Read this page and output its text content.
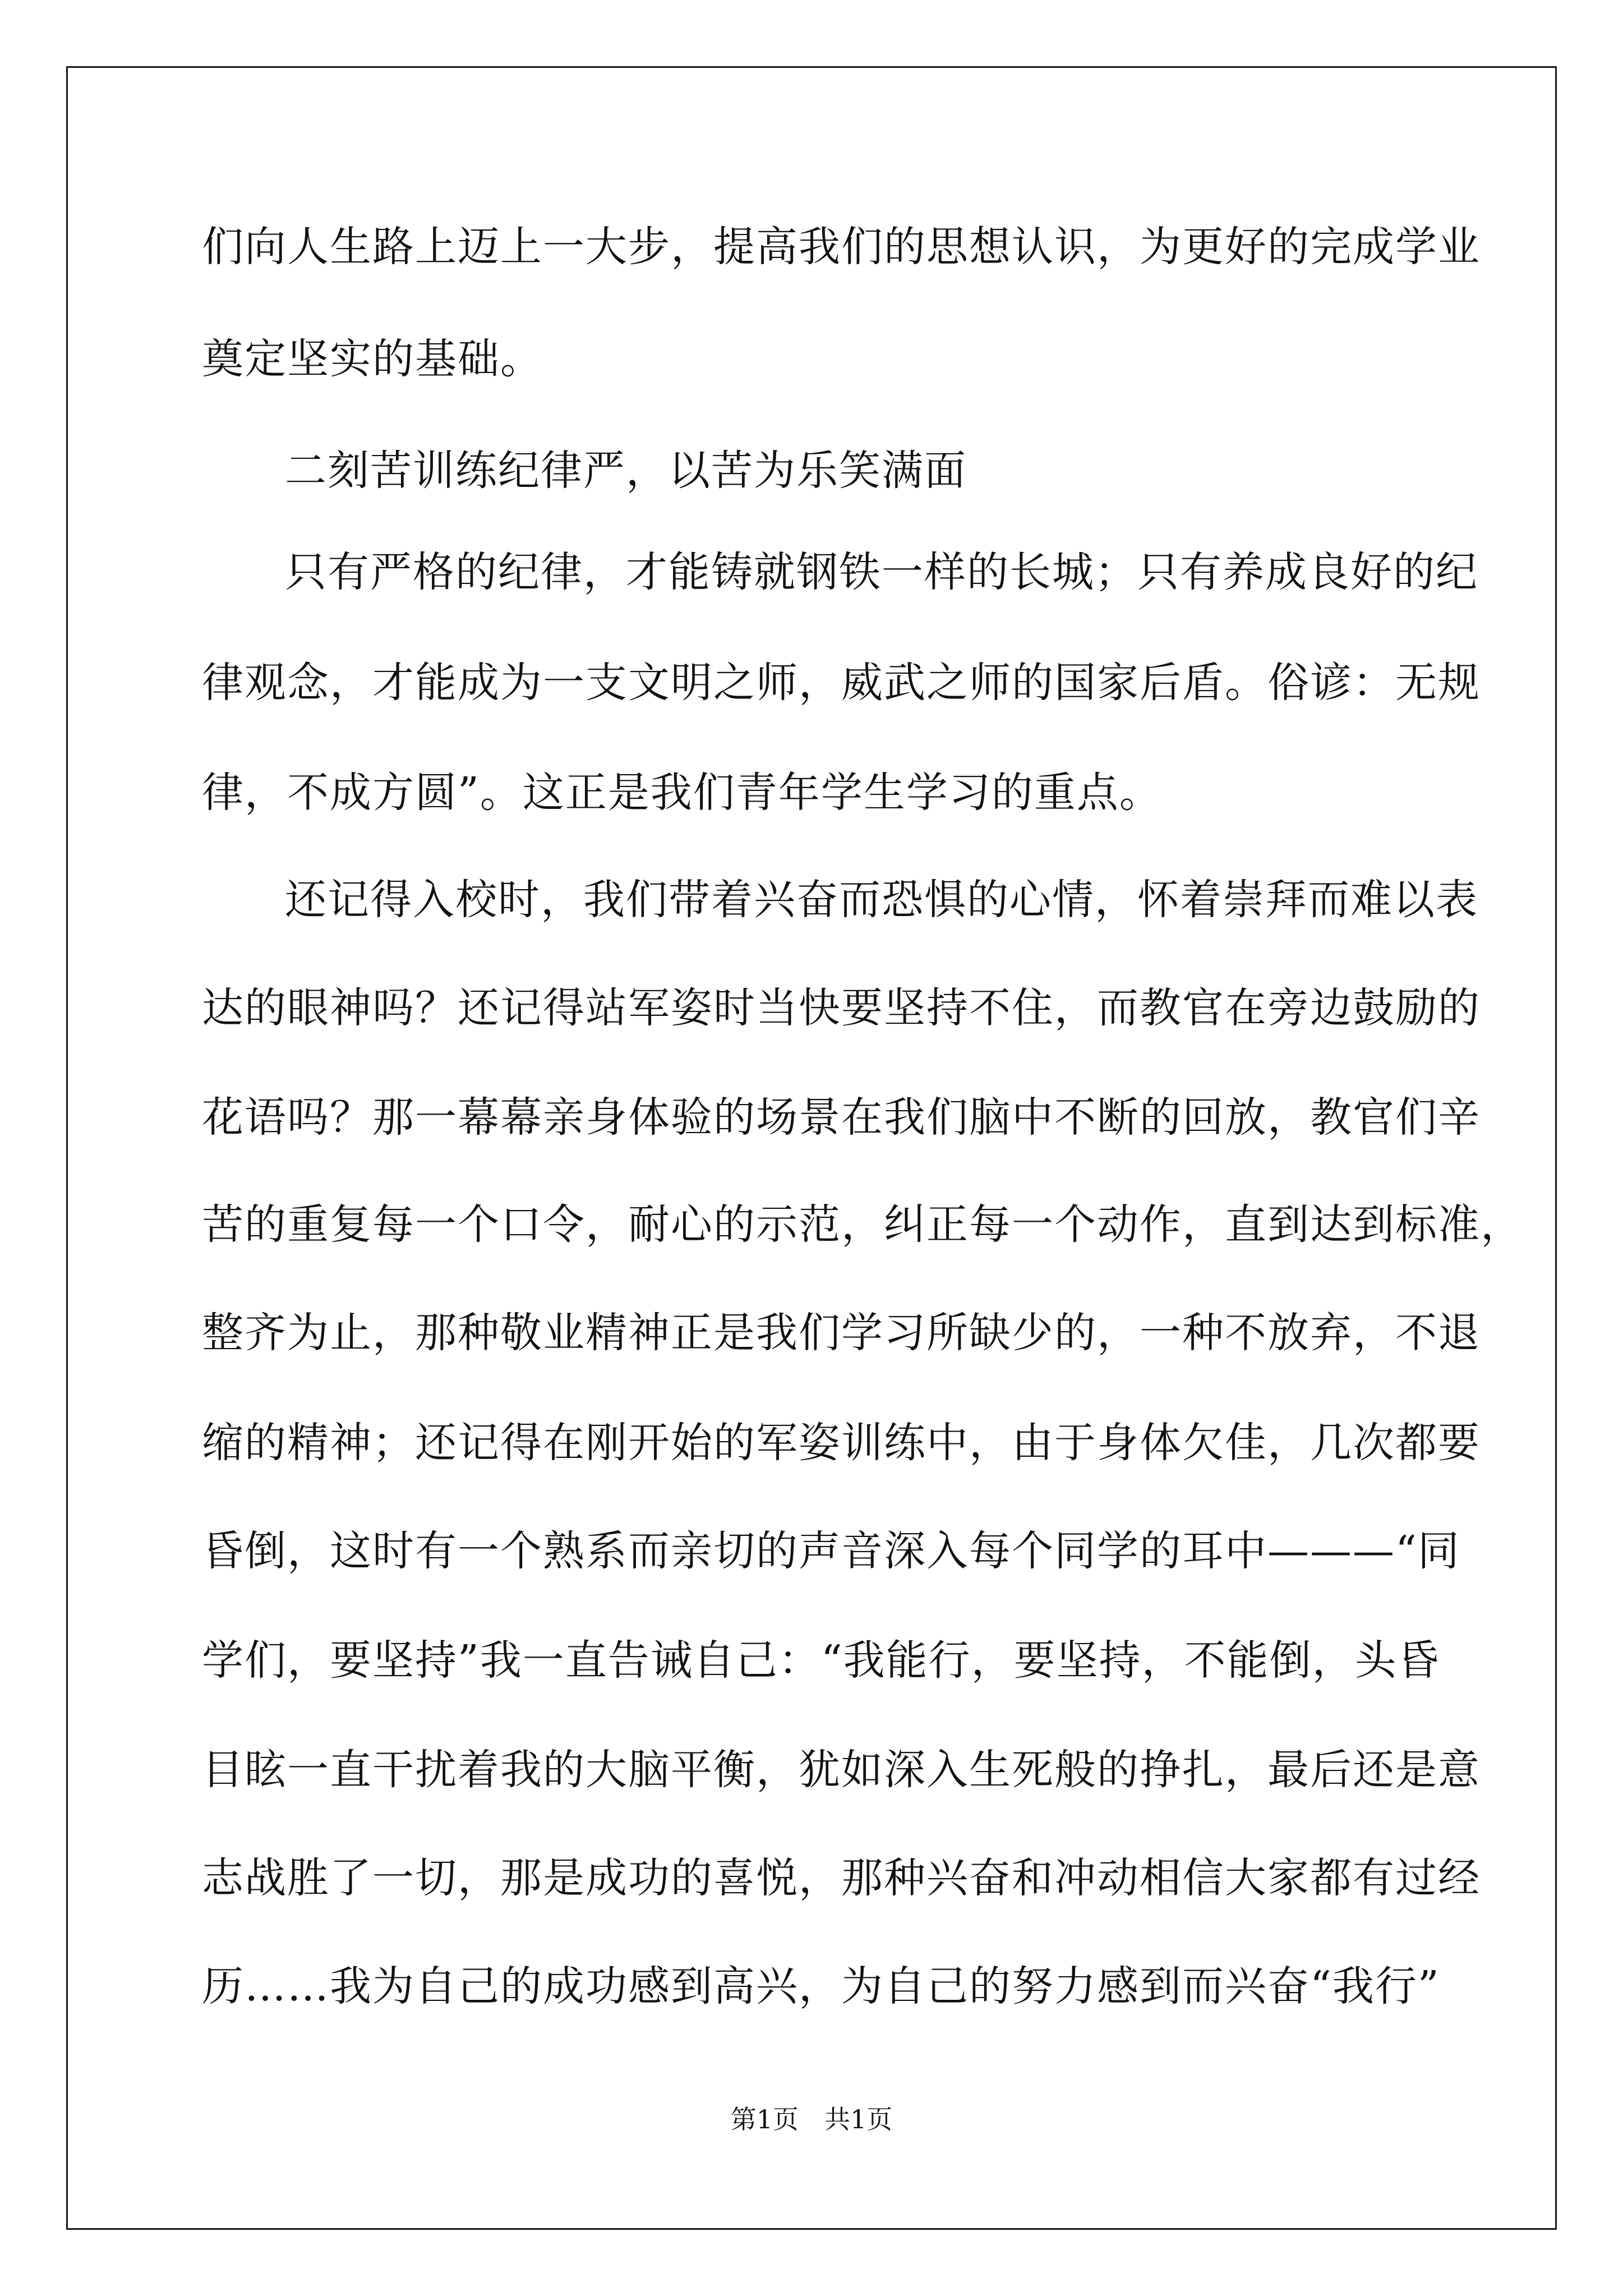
们向人生路上迈上一大步，提高我们的思想认识，为更好的完成学业
奠定坚实的基础。
二刻苦训练纪律严，以苦为乐笑满面
只有严格的纪律，才能铸就钢铁一样的长城；只有养成良好的纪
律观念，才能成为一支文明之师，威武之师的国家后盾。俗谚：无规
律，不成方圆”。这正是我们青年学生学习的重点。
还记得入校时，我们带着兴奋而恐惧的心情，怀着崇拜而难以表
达的眼神吗？还记得站军姿时当快要坚持不住，而教官在旁边鼓励的
花语吗？那一幕幕亲身体验的场景在我们脑中不断的回放，教官们辛
苦的重复每一个口令，耐心的示范，纠正每一个动作，直到达到标准，
整齐为止，那种敬业精神正是我们学习所缺少的，一种不放弃，不退
缩的精神；还记得在刚开始的军姿训练中，由于身体欠佳，几次都要
昏倒，这时有一个熟系而亲切的声音深入每个同学的耳中———“同
学们，要坚持”我一直告诫自己：“我能行，要坚持，不能倒，头昏
目眩一直干扰着我的大脑平衡，犹如深入生死般的挣扎，最后还是意
志战胜了一切，那是成功的喜悦，那种兴奋和冲动相信大家都有过经
历……我为自己的成功感到高兴，为自己的努力感到而兴奋“我行”
第1页　共1页
